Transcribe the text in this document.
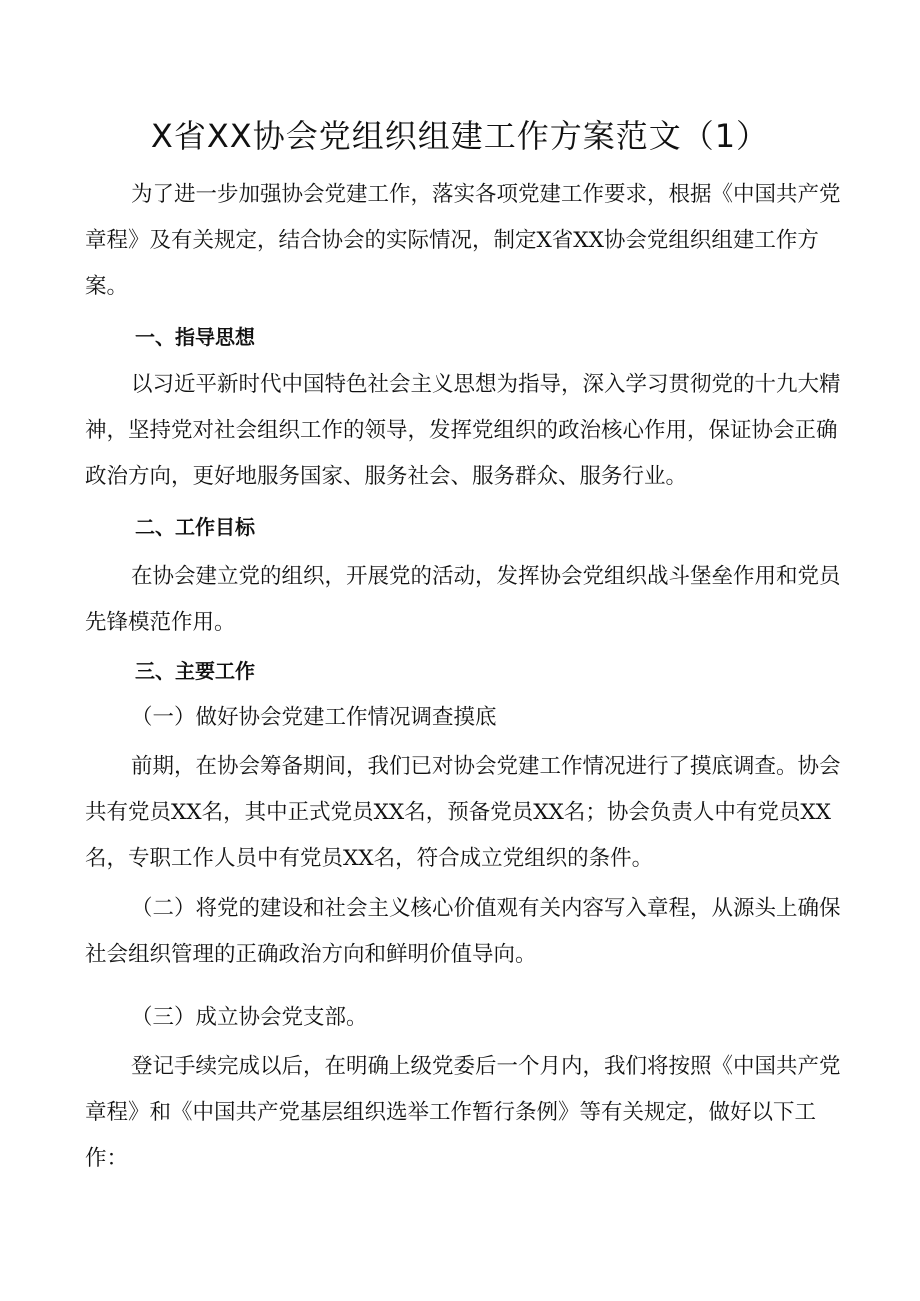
X省XX协会党组织组建工作方案范文（1）

为了进一步加强协会党建工作，落实各项党建工作要求，根据《中国共产党章程》及有关规定，结合协会的实际情况，制定X省XX协会党组织组建工作方案。

一、指导思想

以习近平新时代中国特色社会主义思想为指导，深入学习贯彻党的十九大精神，坚持党对社会组织工作的领导，发挥党组织的政治核心作用，保证协会正确政治方向，更好地服务国家、服务社会、服务群众、服务行业。

二、工作目标

在协会建立党的组织，开展党的活动，发挥协会党组织战斗堡垒作用和党员先锋模范作用。

三、主要工作

（一）做好协会党建工作情况调查摸底

前期，在协会筹备期间，我们已对协会党建工作情况进行了摸底调查。协会共有党员XX名，其中正式党员XX名，预备党员XX名；协会负责人中有党员XX名，专职工作人员中有党员XX名，符合成立党组织的条件。

（二）将党的建设和社会主义核心价值观有关内容写入章程，从源头上确保社会组织管理的正确政治方向和鲜明价值导向。

（三）成立协会党支部。

登记手续完成以后，在明确上级党委后一个月内，我们将按照《中国共产党章程》和《中国共产党基层组织选举工作暂行条例》等有关规定，做好以下工作：
